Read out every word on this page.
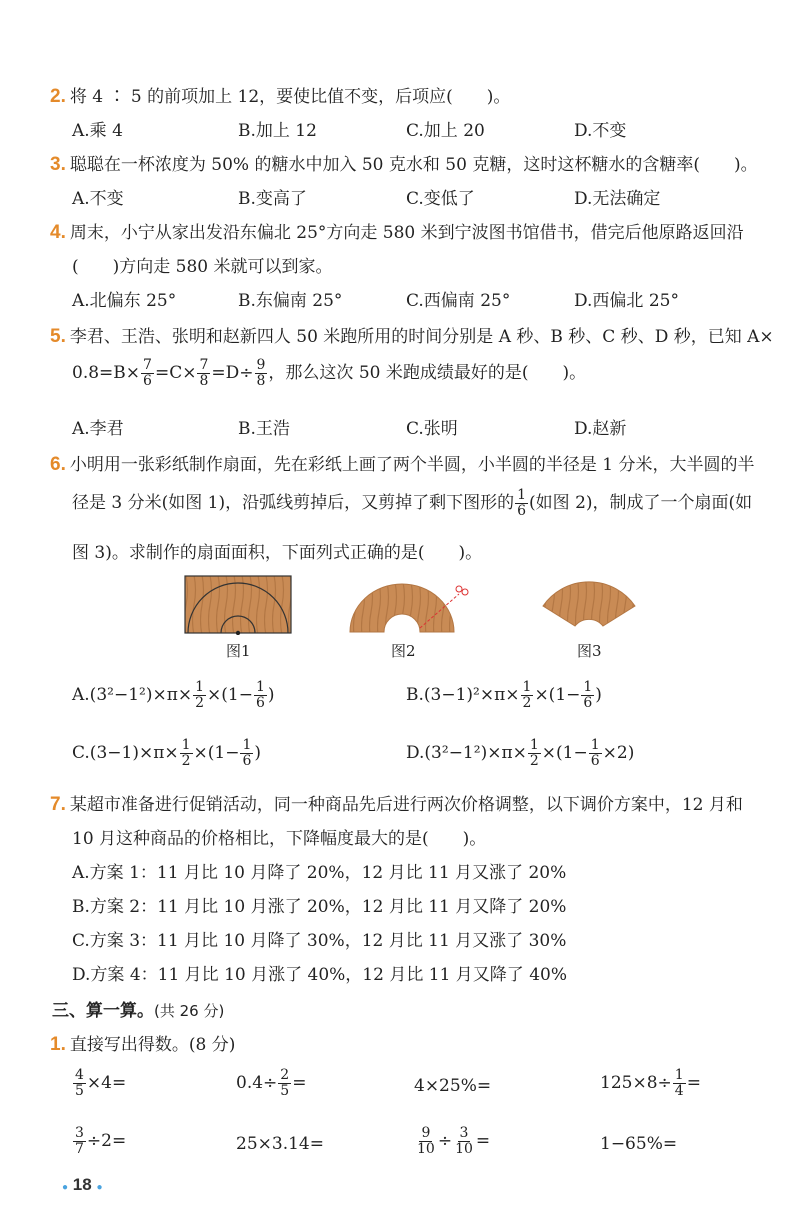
2. 将 4 ∶ 5 的前项加上 12，要使比值不变，后项应(　　)。
A.乘 4	B.加上 12	C.加上 20	D.不变
3. 聪聪在一杯浓度为 50% 的糖水中加入 50 克水和 50 克糖，这时这杯糖水的含糖率(　　)。
A.不变	B.变高了	C.变低了	D.无法确定
4. 周末，小宁从家出发沿东偏北 25°方向走 580 米到宁波图书馆借书，借完后他原路返回沿
(　　)方向走 580 米就可以到家。
A.北偏东 25°	B.东偏南 25°	C.西偏南 25°	D.西偏北 25°
5. 李君、王浩、张明和赵新四人 50 米跑所用的时间分别是 A 秒、B 秒、C 秒、D 秒，已知 A×
$0.8=B\times \frac{7}{6} =C\times \frac{7}{8} =D\div \frac{9}{8}$ ，那么这次 50 米跑成绩最好的是(　　)。
A.李君	B.王浩	C.张明	D.赵新
6. 小明用一张彩纸制作扇面，先在彩纸上画了两个半圆，小半圆的半径是 1 分米，大半圆的半
径是 3 分米(如图 1)，沿弧线剪掉后，又剪掉了剩下图形的 $\frac{1}{6}$ (如图 2)，制成了一个扇面(如
图 3)。求制作的扇面面积，下面列式正确的是(　　)。
图1	图2	图3
$A.(3^2-1^2)\times\pi\times \frac{1}{2} \times(1- \frac{1}{6}$ )	$B.(3-1)^2\times\pi\times \frac{1}{2} \times(1- \frac{1}{6}$ )
$C.(3-1)\times\pi\times \frac{1}{2} \times(1- \frac{1}{6}$ )	$D.(3^2-1^2)\times\pi\times \frac{1}{2} \times(1- \frac{1}{6} \times 2)$
7. 某超市准备进行促销活动，同一种商品先后进行两次价格调整，以下调价方案中，12 月和
10 月这种商品的价格相比，下降幅度最大的是(　　)。
A.方案 1：11 月比 10 月降了 20%，12 月比 11 月又涨了 20%
B.方案 2：11 月比 10 月涨了 20%，12 月比 11 月又降了 20%
C.方案 3：11 月比 10 月降了 30%，12 月比 11 月又涨了 30%
D.方案 4：11 月比 10 月涨了 40%，12 月比 11 月又降了 40%
三、算一算。(共 26 分)
1. 直接写出得数。(8 分)
$\frac{4}{5} \times 4=$	$0.4\div \frac{2}{5}$ =	4×25%=	$125\times 8\div \frac{1}{4}$ =
$\frac{3}{7} \div 2=$	25×3.14=	$\frac{9}{10} \div \frac{3}{10}$ =	1−65%=
● 18 ●
